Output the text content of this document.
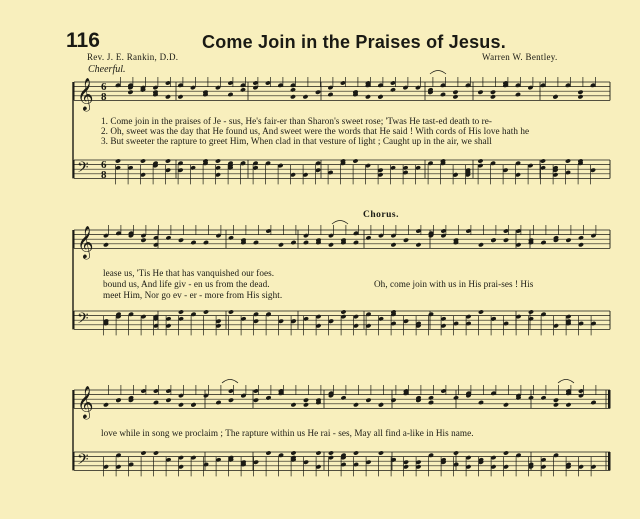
116	Come Join in the Praises of Jesus.
Rev. J. E. Rankin, D.D.	Warren W. Bentley.
Cheerful.
𝄞
𝄢
6
8
6
8
𝄞
𝄢
𝄞
𝄢
1. Come join in the praises of Je - sus, He's fair-er than Sharon's sweet rose; 'Twas He tast-ed death to re-
2. Oh, sweet was the day that He found us, And sweet were the words that He said ! With cords of His love hath he
3. But sweeter the rapture to greet Him, When clad in that vesture of light ; Caught up in the air, we shall
Chorus.
lease us, 'Tis He that has vanquished our foes.
bound us, And life giv - en us from the dead.
meet Him, Nor go ev - er - more from His sight.
Oh, come join with us in His prai-ses ! His
love while in song we proclaim ; The rapture within us He rai - ses, May all find a-like in His name.
